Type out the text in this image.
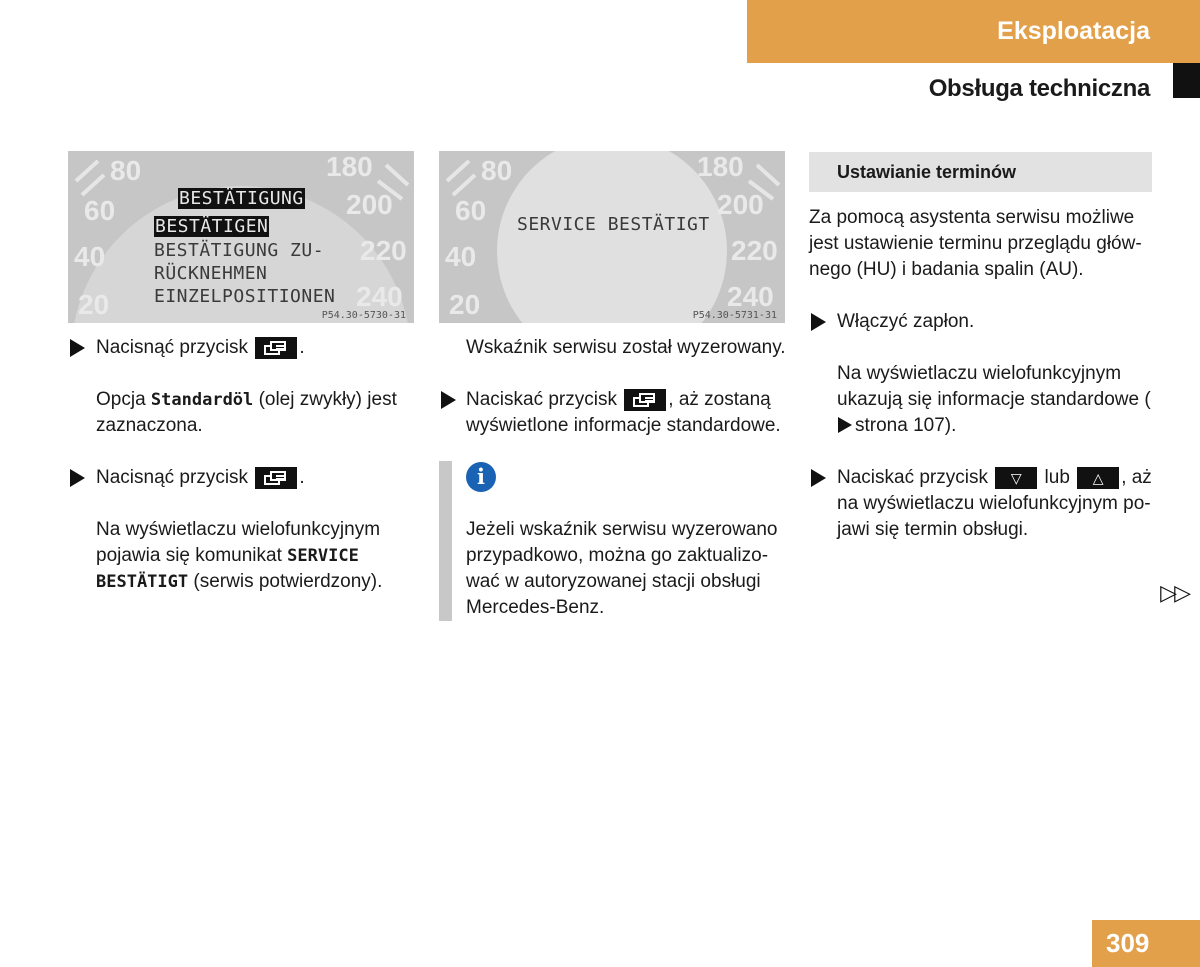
Eksploatacja
Obsługa techniczna
80	180
60	200
40	220
20	240
BESTÄTIGUNG
BESTÄTIGEN
BESTÄTIGUNG ZU-
RÜCKNEHMEN
EINZELPOSITIONEN
P54.30-5730-31
80	180
60	200
40	220
20	240
SERVICE BESTÄTIGT
P54.30-5731-31
Nacisnąć przycisk	.
Opcja Standardöl (olej zwykły) jest zaznaczona.
Nacisnąć przycisk	.
Na wyświetlaczu wielofunkcyjnym pojawia się komunikat SERVICE BESTÄTIGT (serwis potwierdzony).
Wskaźnik serwisu został wyzerowany.
Naciskać przycisk	, aż zostaną wyświetlone informacje standardowe.
i
Jeżeli wskaźnik serwisu wyzerowano przypadkowo, można go zaktualizo- wać w autoryzowanej stacji obsługi Mercedes-Benz.
Ustawianie terminów
Za pomocą asystenta serwisu możliwe jest ustawienie terminu przeglądu głów- nego (HU) i badania spalin (AU).
Włączyć zapłon.
Na wyświetlaczu wielofunkcyjnym ukazują się informacje standardowe (strona 107).
Naciskać przycisk ▽ lub △ , aż na wyświetlaczu wielofunkcyjnym po- jawi się termin obsługi.
▷▷
309
